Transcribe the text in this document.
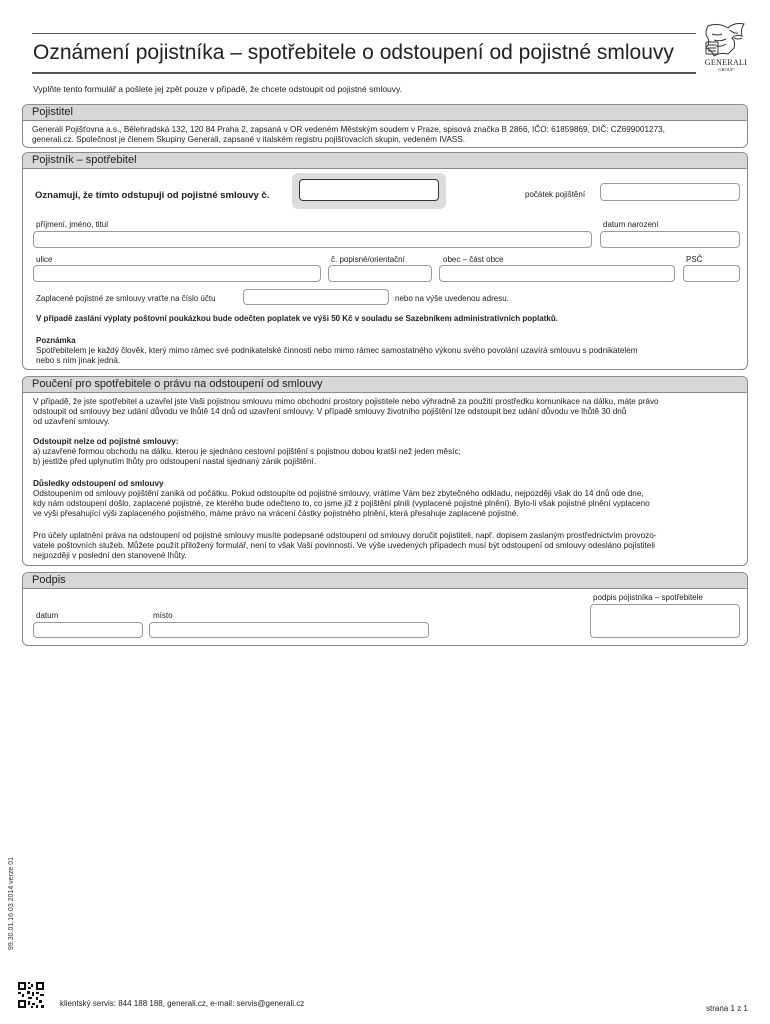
Oznámení pojistníka – spotřebitele o odstoupení od pojistné smlouvy	GENERALI
GROUP
Vyplňte tento formulář a pošlete jej zpět pouze v případě, že chcete odstoupit od pojistné smlouvy.
Pojistitel
Generali Pojišťovna a.s., Bělehradská 132, 120 84 Praha 2, zapsaná v OR vedeném Městským soudem v Praze, spisová značka B 2866, IČO: 61859869, DIČ: CZ699001273,
generali.cz. Společnost je členem Skupiny Generali, zapsané v italském registru pojišťovacích skupin, vedeném IVASS.
Pojistník – spotřebitel
Oznamuji, že tímto odstupuji od pojistné smlouvy č.	počátek pojištění
příjmení, jméno, titul	datum narození
ulice	č. popisné/orientační	obec – část obce	PSČ
Zaplacené pojistné ze smlouvy vraťte na číslo účtu	nebo na výše uvedenou adresu.
V případě zaslání výplaty poštovní poukázkou bude odečten poplatek ve výši 50 Kč v souladu se Sazebníkem administrativních poplatků.
Poznámka
Spotřebitelem je každý člověk, který mimo rámec své podnikatelské činnosti nebo mimo rámec samostatného výkonu svého povolání uzavírá smlouvu s podnikatelem
nebo s ním jinak jedná.
Poučení pro spotřebitele o právu na odstoupení od smlouvy
V případě, že jste spotřebitel a uzavřel jste Vaši pojistnou smlouvu mimo obchodní prostory pojistitele nebo výhradně za použití prostředku komunikace na dálku, máte právo
odstoupit od smlouvy bez udání důvodu ve lhůtě 14 dnů od uzavření smlouvy. V případě smlouvy životního pojištění lze odstoupit bez udání důvodu ve lhůtě 30 dnů
od uzavření smlouvy.
Odstoupit nelze od pojistné smlouvy:
a) uzavřené formou obchodu na dálku, kterou je sjednáno cestovní pojištění s pojistnou dobou kratší než jeden měsíc;
b) jestliže před uplynutím lhůty pro odstoupení nastal sjednaný zánik pojištění.
Důsledky odstoupení od smlouvy
Odstoupením od smlouvy pojištění zaniká od počátku. Pokud odstoupíte od pojistné smlouvy, vrátíme Vám bez zbytečného odkladu, nejpozději však do 14 dnů ode dne,
kdy nám odstoupení došlo, zaplacené pojistné, ze kterého bude odečteno to, co jsme již z pojištění plnili (vyplacené pojistné plnění). Bylo-li však pojistné plnění vyplaceno
ve výši přesahující výši zaplaceného pojistného, máme právo na vrácení částky pojistného plnění, která přesahuje zaplacené pojistné.
Pro účely uplatnění práva na odstoupení od pojistné smlouvy musíte podepsané odstoupení od smlouvy doručit pojistiteli, např. dopisem zaslaným prostřednictvím provozo-
vatele poštovních služeb. Můžete použít přiložený formulář, není to však Vaší povinností. Ve výše uvedených případech musí být odstoupení od smlouvy odesláno pojistiteli
nejpozději v poslední den stanovené lhůty.
Podpis
podpis pojistníka – spotřebitele
datum	místo
99.30.01.16 03 2014 verze 01
klientský servis: 844 188 188, generali.cz, e-mail: servis@generali.cz
strana 1 z 1
